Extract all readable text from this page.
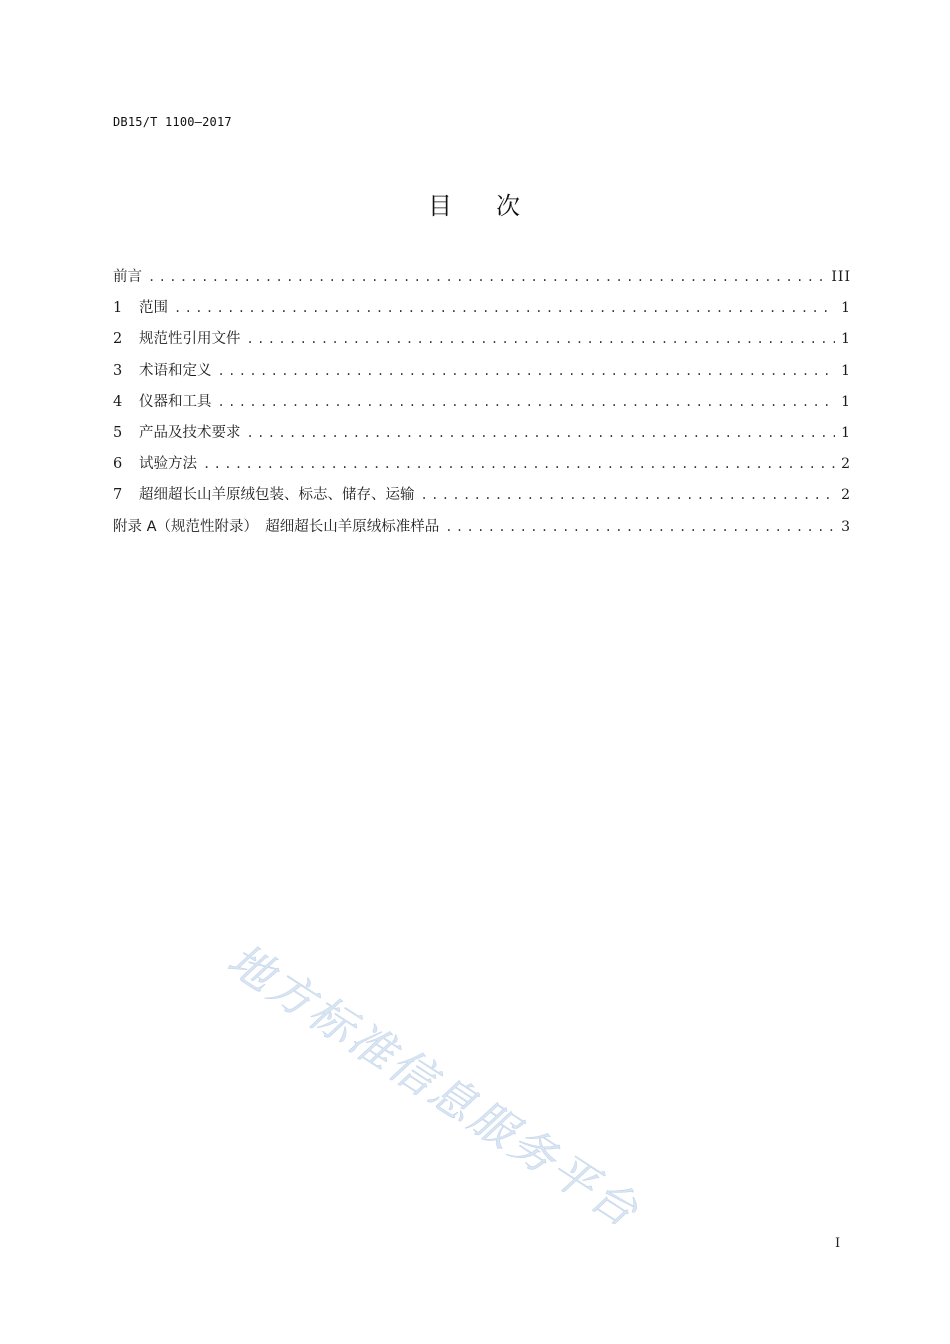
DB15/T 1100—2017
目 次
前言 .....	III
1	范围 .....	1
2	规范性引用文件 .....	1
3	术语和定义 .....	1
4	仪器和工具 .....	1
5	产品及技术要求 .....	1
6	试验方法 .....	2
7	超细超长山羊原绒包装、标志、储存、运输 .....	2
附录 A（规范性附录）　超细超长山羊原绒标准样品 .....	3
地方标准信息服务平台
I
